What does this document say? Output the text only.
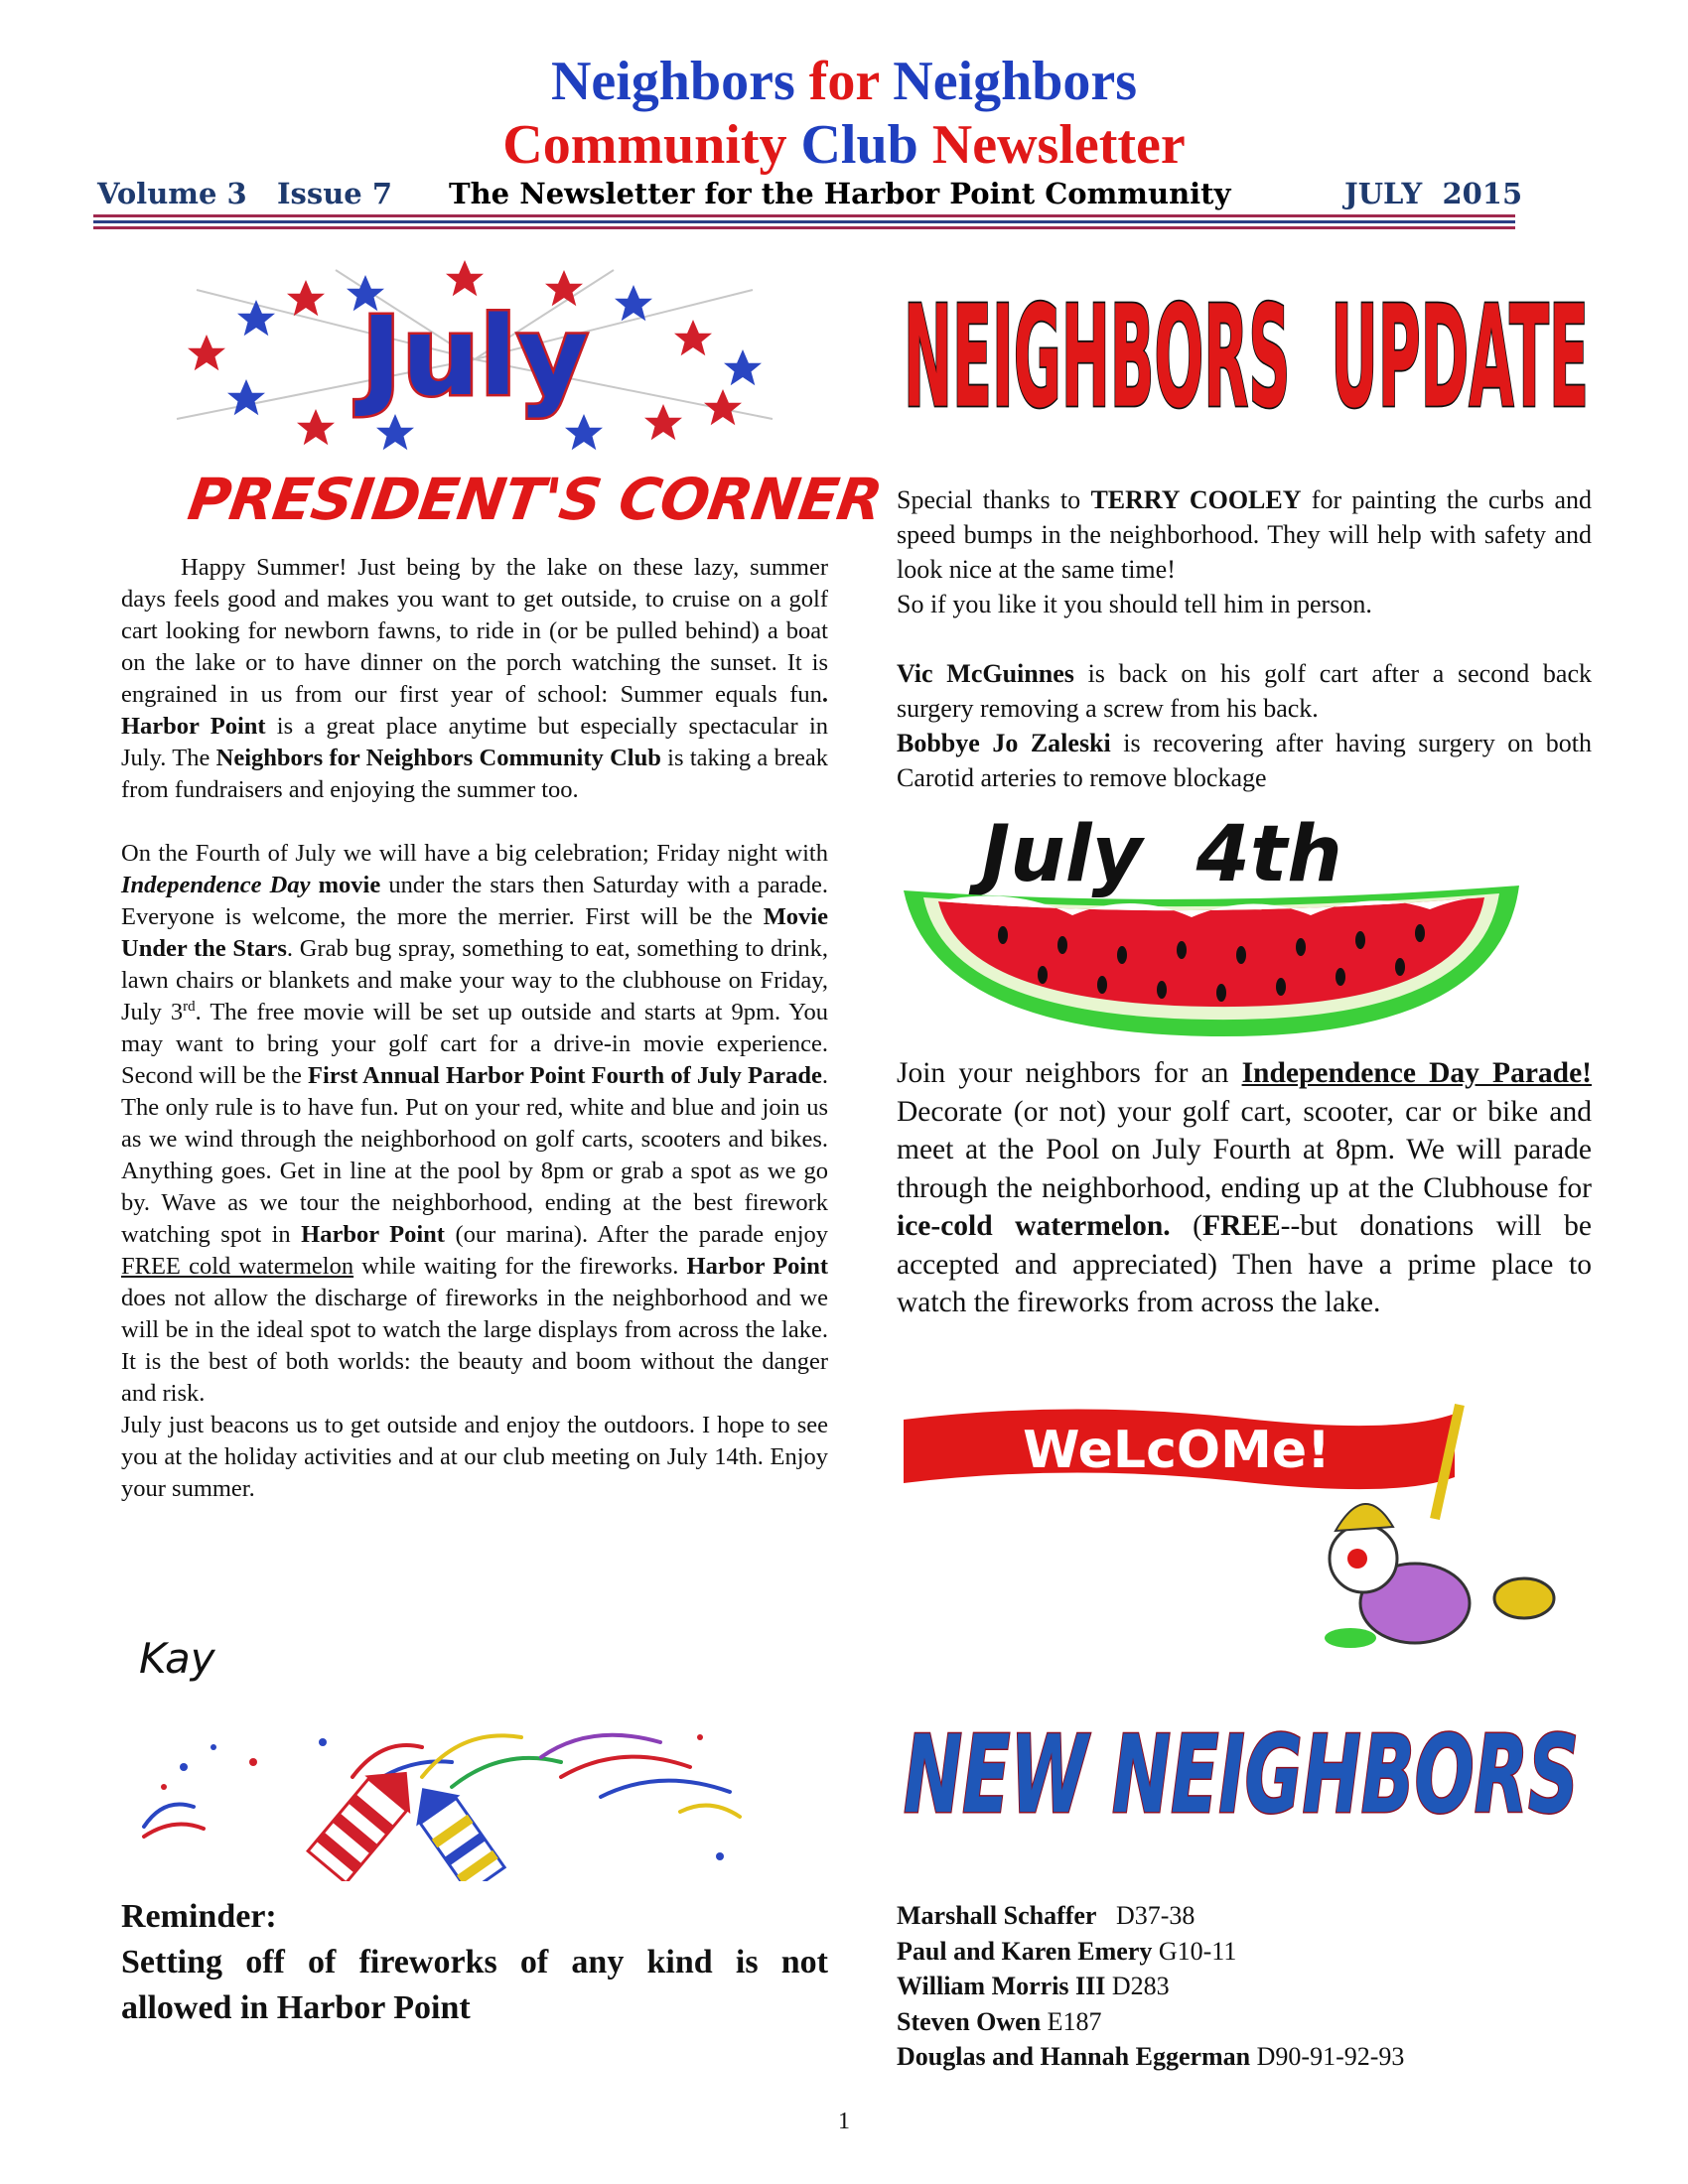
Neighbors for Neighbors
Community Club Newsletter
Volume 3   Issue 7 The Newsletter for the Harbor Point Community	JULY  2015
July
PRESIDENT'S CORNER

Happy Summer! Just being by the lake on these lazy, summer days feels good and makes you want to get outside, to cruise on a golf cart looking for newborn fawns, to ride in (or be pulled behind) a boat on the lake or to have dinner on the porch watching the sunset. It is engrained in us from our first year of school: Summer equals fun. Harbor Point is a great place anytime but especially spectacular in July. The Neighbors for Neighbors Community Club is taking a break from fundraisers and enjoying the summer too.

On the Fourth of July we will have a big celebration; Friday night with Independence Day movie under the stars then Saturday with a parade. Everyone is welcome, the more the merrier. First will be the Movie Under the Stars. Grab bug spray, something to eat, something to drink, lawn chairs or blankets and make your way to the clubhouse on Friday, July 3rd. The free movie will be set up outside and starts at 9pm. You may want to bring your golf cart for a drive-in movie experience. Second will be the First Annual Harbor Point Fourth of July Parade. The only rule is to have fun. Put on your red, white and blue and join us as we wind through the neighborhood on golf carts, scooters and bikes. Anything goes. Get in line at the pool by 8pm or grab a spot as we go by. Wave as we tour the neighborhood, ending at the best firework watching spot in Harbor Point (our marina). After the parade enjoy FREE cold watermelon while waiting for the fireworks. Harbor Point does not allow the discharge of fireworks in the neighborhood and we will be in the ideal spot to watch the large displays from across the lake. It is the best of both worlds: the beauty and boom without the danger and risk.

July just beacons us to get outside and enjoy the outdoors. I hope to see you at the holiday activities and at our club meeting on July 14th. Enjoy your summer.

Kay
Reminder:
Setting off of fireworks of any kind is not allowed in Harbor Point
NEIGHBORS  UPDATE

Special thanks to TERRY COOLEY for painting the curbs and speed bumps in the neighborhood. They will help with safety and look nice at the same time!

So if you like it you should tell him in person.

Vic McGuinnes is back on his golf cart after a second back surgery removing a screw from his back.

Bobbye Jo Zaleski is recovering after having surgery on both Carotid arteries to remove blockage

July  4th
Join your neighbors for an Independence Day Parade! Decorate (or not) your golf cart, scooter, car or bike and meet at the Pool on July Fourth at 8pm. We will parade through the neighborhood, ending up at the Clubhouse for ice-cold watermelon. (FREE--but donations will be accepted and appreciated) Then have a prime place to watch the fireworks from across the lake.
WeLcOMe!
NEW NEIGHBORS
Marshall Schaffer   D37-38
Paul and Karen Emery G10-11
William Morris III D283
Steven Owen E187
Douglas and Hannah Eggerman D90-91-92-93
1
